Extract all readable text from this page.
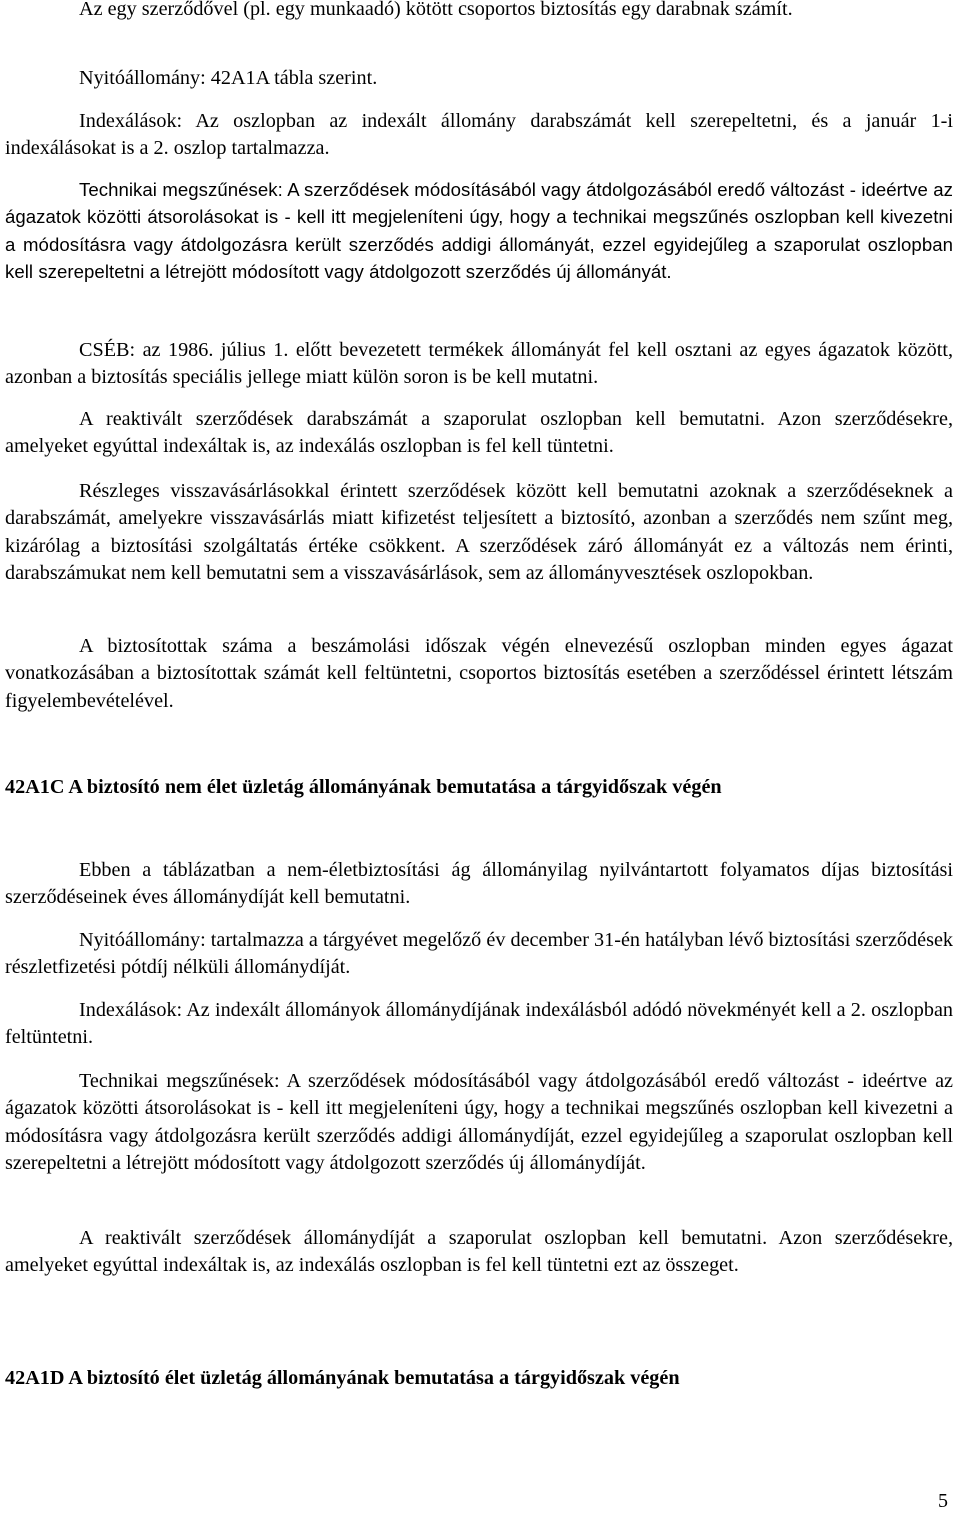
Az egy szerződővel (pl. egy munkaadó) kötött csoportos biztosítás egy darabnak számít.

Nyitóállomány: 42A1A tábla szerint.

Indexálások: Az oszlopban az indexált állomány darabszámát kell szerepeltetni, és a január 1-i indexálásokat is a 2. oszlop tartalmazza.

Technikai megszűnések: A szerződések módosításából vagy átdolgozásából eredő változást - ideértve az ágazatok közötti átsorolásokat is - kell itt megjeleníteni úgy, hogy a technikai megszűnés oszlopban kell kivezetni a módosításra vagy átdolgozásra került szerződés addigi állományát, ezzel egyidejűleg a szaporulat oszlopban kell szerepeltetni a létrejött módosított vagy átdolgozott szerződés új állományát.

CSÉB: az 1986. július 1. előtt bevezetett termékek állományát fel kell osztani az egyes ágazatok között, azonban a biztosítás speciális jellege miatt külön soron is be kell mutatni.

A reaktivált szerződések darabszámát a szaporulat oszlopban kell bemutatni. Azon szerződésekre, amelyeket egyúttal indexáltak is, az indexálás oszlopban is fel kell tüntetni.

Részleges visszavásárlásokkal érintett szerződések között kell bemutatni azoknak a szerződéseknek a darabszámát, amelyekre visszavásárlás miatt kifizetést teljesített a biztosító, azonban a szerződés nem szűnt meg, kizárólag a biztosítási szolgáltatás értéke csökkent. A szerződések záró állományát ez a változás nem érinti, darabszámukat nem kell bemutatni sem a visszavásárlások, sem az állományvesztések oszlopokban.

A biztosítottak száma a beszámolási időszak végén elnevezésű oszlopban minden egyes ágazat vonatkozásában a biztosítottak számát kell feltüntetni, csoportos biztosítás esetében a szerződéssel érintett létszám figyelembevételével.

42A1C A biztosító nem élet üzletág állományának bemutatása a tárgyidőszak végén

Ebben a táblázatban a nem-életbiztosítási ág állományilag nyilvántartott folyamatos díjas biztosítási szerződéseinek éves állománydíját kell bemutatni.

Nyitóállomány: tartalmazza a tárgyévet megelőző év december 31-én hatályban lévő biztosítási szerződések részletfizetési pótdíj nélküli állománydíját.

Indexálások: Az indexált állományok állománydíjának indexálásból adódó növekményét kell a 2. oszlopban feltüntetni.

Technikai megszűnések: A szerződések módosításából vagy átdolgozásából eredő változást - ideértve az ágazatok közötti átsorolásokat is - kell itt megjeleníteni úgy, hogy a technikai megszűnés oszlopban kell kivezetni a módosításra vagy átdolgozásra került szerződés addigi állománydíját, ezzel egyidejűleg a szaporulat oszlopban kell szerepeltetni a létrejött módosított vagy átdolgozott szerződés új állománydíját.

A reaktivált szerződések állománydíját a szaporulat oszlopban kell bemutatni. Azon szerződésekre, amelyeket egyúttal indexáltak is, az indexálás oszlopban is fel kell tüntetni ezt az összeget.

42A1D A biztosító élet üzletág állományának bemutatása a tárgyidőszak végén
5
